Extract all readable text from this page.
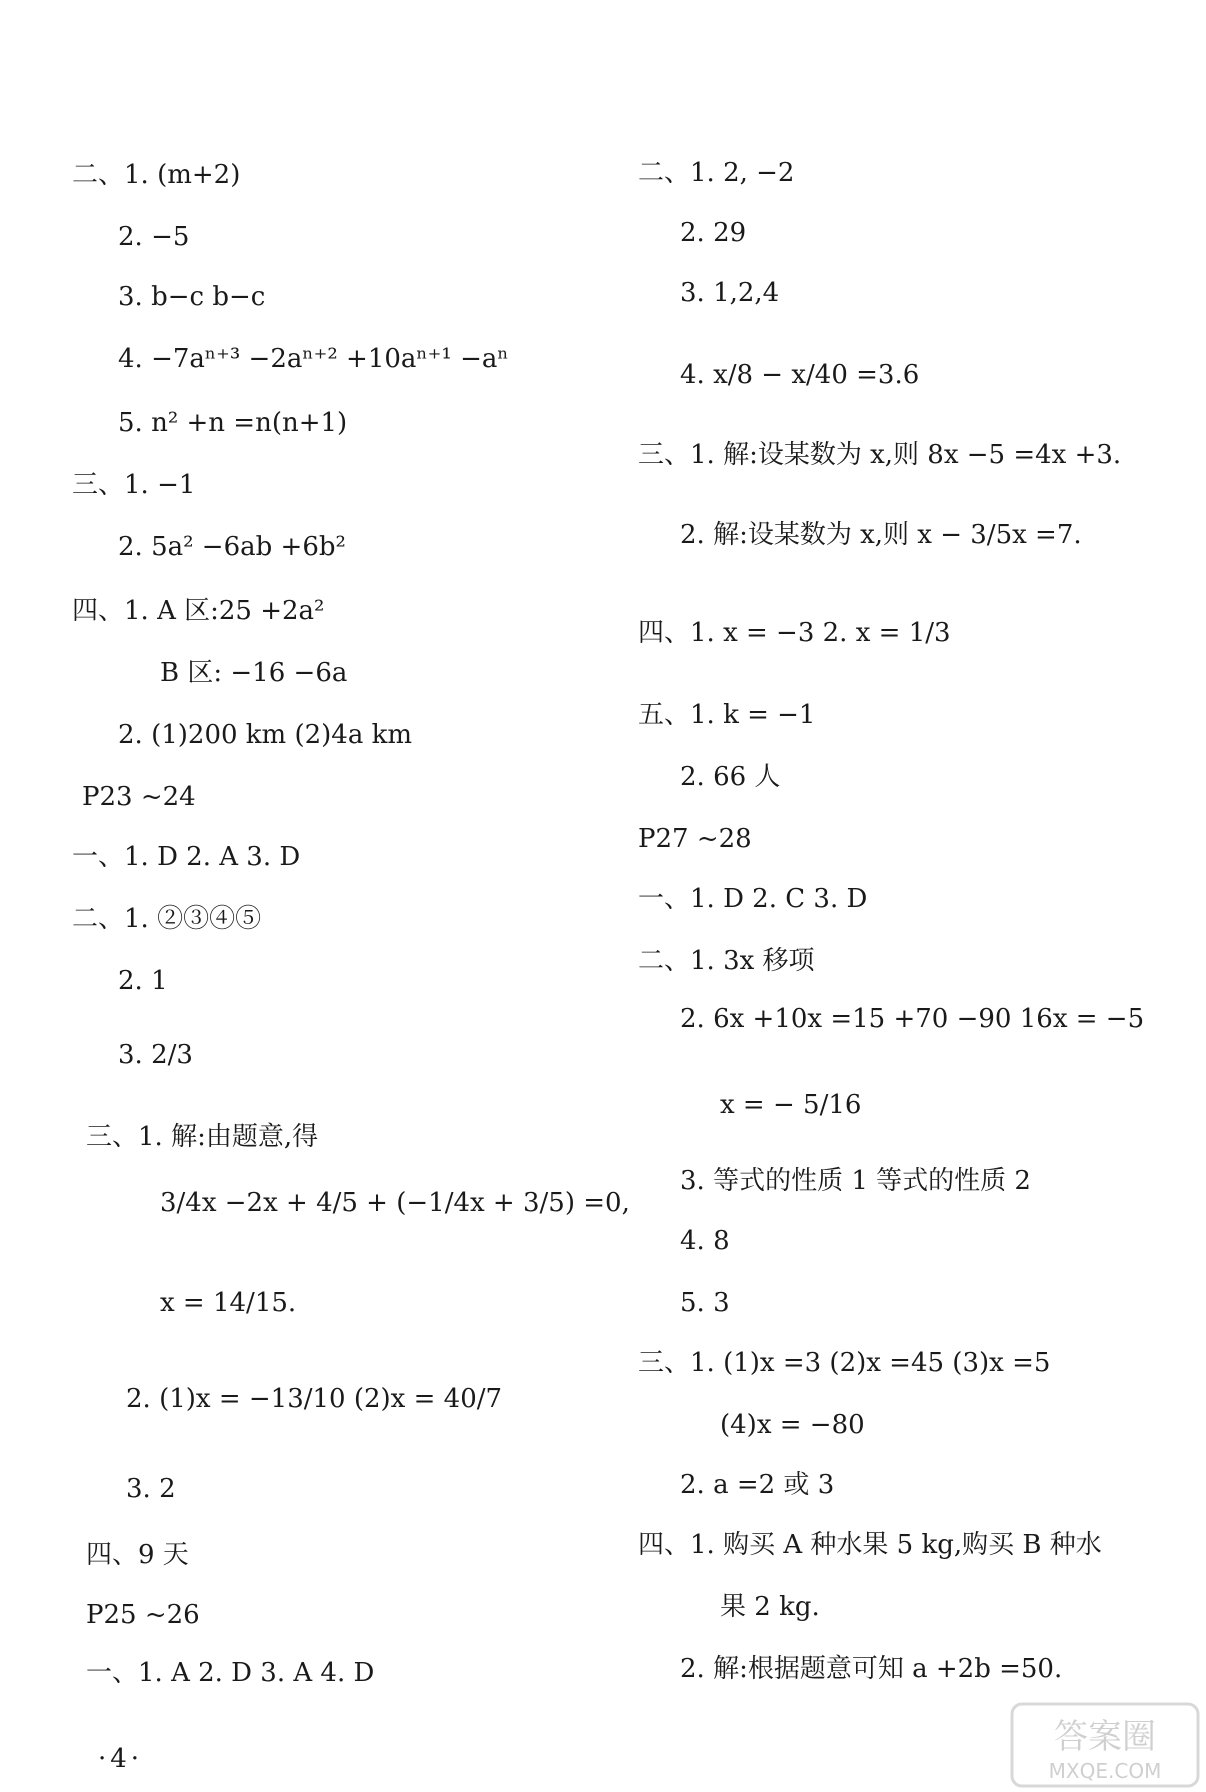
二、1. (m+2)
2. −5
3. b−c b−c
4. −7aⁿ⁺³ −2aⁿ⁺² +10aⁿ⁺¹ −aⁿ
5. n² +n =n(n+1)
三、1. −1
2. 5a² −6ab +6b²
四、1. A 区:25 +2a²
B 区: −16 −6a
2. (1)200 km (2)4a km
P23 ~24
一、1. D 2. A 3. D
二、1. ②③④⑤
2. 1
3. 2/3
三、1. 解:由题意,得
3/4x −2x + 4/5 + (−1/4x + 3/5) =0,
x = 14/15.
2. (1)x = −13/10 (2)x = 40/7
3. 2
四、9 天
P25 ~26
一、1. A 2. D 3. A 4. D
二、1. 2, −2
2. 29
3. 1,2,4
4. x/8 − x/40 =3.6
三、1. 解:设某数为 x,则 8x −5 =4x +3.
2. 解:设某数为 x,则 x − 3/5x =7.
四、1. x = −3 2. x = 1/3
五、1. k = −1
2. 66 人
P27 ~28
一、1. D 2. C 3. D
二、1. 3x 移项
2. 6x +10x =15 +70 −90 16x = −5
x = − 5/16
3. 等式的性质 1 等式的性质 2
4. 8
5. 3
三、1. (1)x =3 (2)x =45 (3)x =5
(4)x = −80
2. a =2 或 3
四、1. 购买 A 种水果 5 kg,购买 B 种水
果 2 kg.
2. 解:根据题意可知 a +2b =50.
·4·
答案圈
MXQE.COM
